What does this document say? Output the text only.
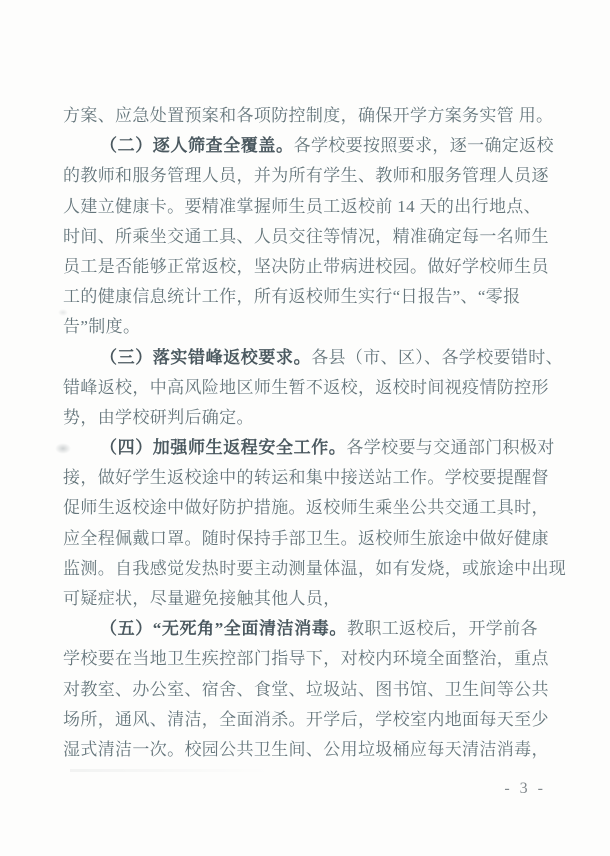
方案、应急处置预案和各项防控制度，确保开学方案务实管 用。
（二）逐人筛查全覆盖。各学校要按照要求，逐一确定返校
的教师和服务管理人员，并为所有学生、教师和服务管理人员逐
人建立健康卡。要精准掌握师生员工返校前 14 天的出行地点、
时间、所乘坐交通工具、人员交往等情况，精准确定每一名师生
员工是否能够正常返校，坚决防止带病进校园。做好学校师生员
工的健康信息统计工作，所有返校师生实行“日报告”、“零报
告”制度。
（三）落实错峰返校要求。各县（市、区）、各学校要错时、
错峰返校，中高风险地区师生暂不返校，返校时间视疫情防控形
势，由学校研判后确定。
（四）加强师生返程安全工作。各学校要与交通部门积极对
接，做好学生返校途中的转运和集中接送站工作。学校要提醒督
促师生返校途中做好防护措施。返校师生乘坐公共交通工具时，
应全程佩戴口罩。随时保持手部卫生。返校师生旅途中做好健康
监测。自我感觉发热时要主动测量体温，如有发烧，或旅途中出现
可疑症状，尽量避免接触其他人员，
（五）“无死角”全面清洁消毒。教职工返校后，开学前各
学校要在当地卫生疾控部门指导下，对校内环境全面整治，重点
对教室、办公室、宿舍、食堂、垃圾站、图书馆、卫生间等公共
场所，通风、清洁，全面消杀。开学后，学校室内地面每天至少
湿式清洁一次。校园公共卫生间、公用垃圾桶应每天清洁消毒，
- 3 -
